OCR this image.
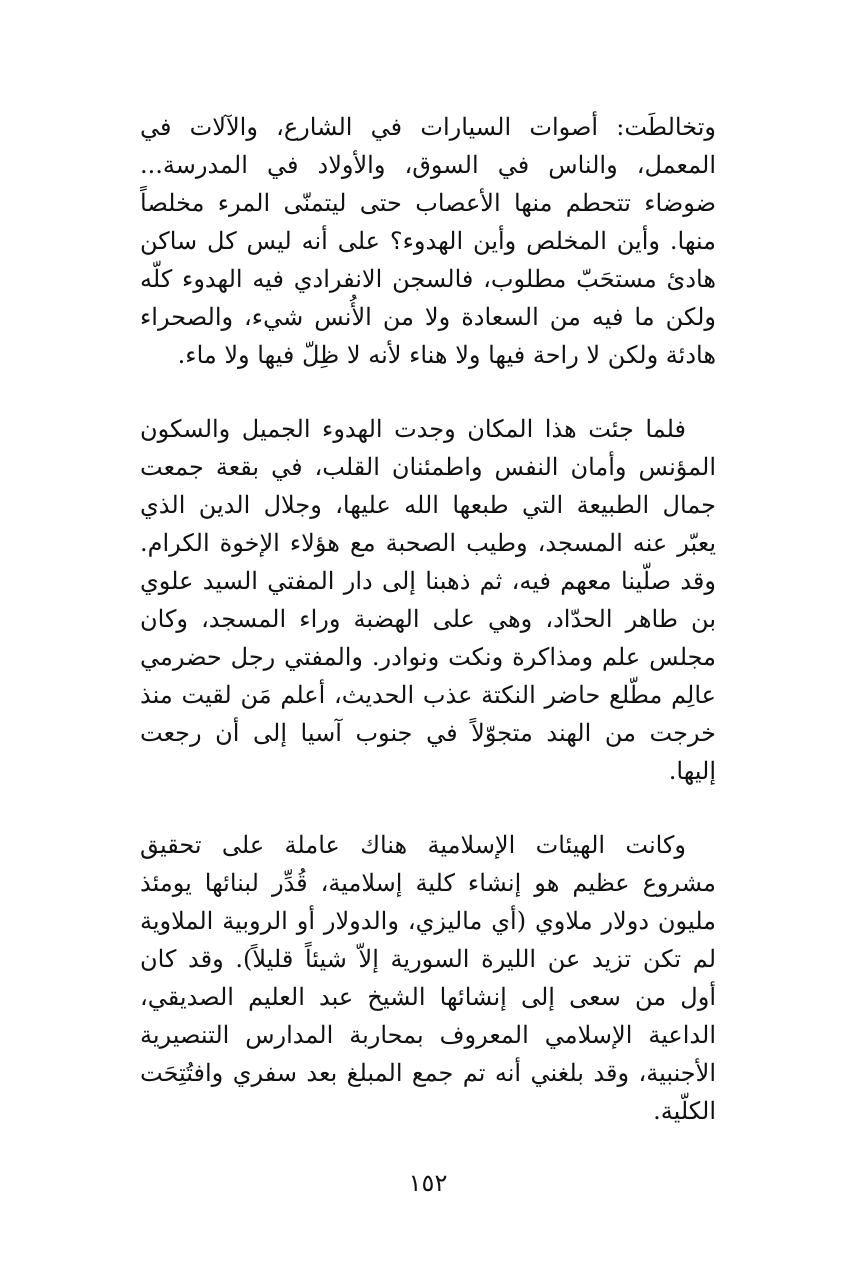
وتخالطَت: أصوات السيارات في الشارع، والآلات في المعمل، والناس في السوق، والأولاد في المدرسة... ضوضاء تتحطم منها الأعصاب حتى ليتمنّى المرء مخلصاً منها. وأين المخلص وأين الهدوء؟ على أنه ليس كل ساكن هادئ مستحَبّ مطلوب، فالسجن الانفرادي فيه الهدوء كلّه ولكن ما فيه من السعادة ولا من الأُنس شيء، والصحراء هادئة ولكن لا راحة فيها ولا هناء لأنه لا ظِلّ فيها ولا ماء.

فلما جئت هذا المكان وجدت الهدوء الجميل والسكون المؤنس وأمان النفس واطمئنان القلب، في بقعة جمعت جمال الطبيعة التي طبعها الله عليها، وجلال الدين الذي يعبّر عنه المسجد، وطيب الصحبة مع هؤلاء الإخوة الكرام. وقد صلّينا معهم فيه، ثم ذهبنا إلى دار المفتي السيد علوي بن طاهر الحدّاد، وهي على الهضبة وراء المسجد، وكان مجلس علم ومذاكرة ونكت ونوادر. والمفتي رجل حضرمي عالِم مطّلع حاضر النكتة عذب الحديث، أعلم مَن لقيت منذ خرجت من الهند متجوّلاً في جنوب آسيا إلى أن رجعت إليها.

وكانت الهيئات الإسلامية هناك عاملة على تحقيق مشروع عظيم هو إنشاء كلية إسلامية، قُدِّر لبنائها يومئذ مليون دولار ملاوي (أي ماليزي، والدولار أو الروبية الملاوية لم تكن تزيد عن الليرة السورية إلاّ شيئاً قليلاً). وقد كان أول من سعى إلى إنشائها الشيخ عبد العليم الصديقي، الداعية الإسلامي المعروف بمحاربة المدارس التنصيرية الأجنبية، وقد بلغني أنه تم جمع المبلغ بعد سفري وافتُتِحَت الكلّية.

١٥٢
